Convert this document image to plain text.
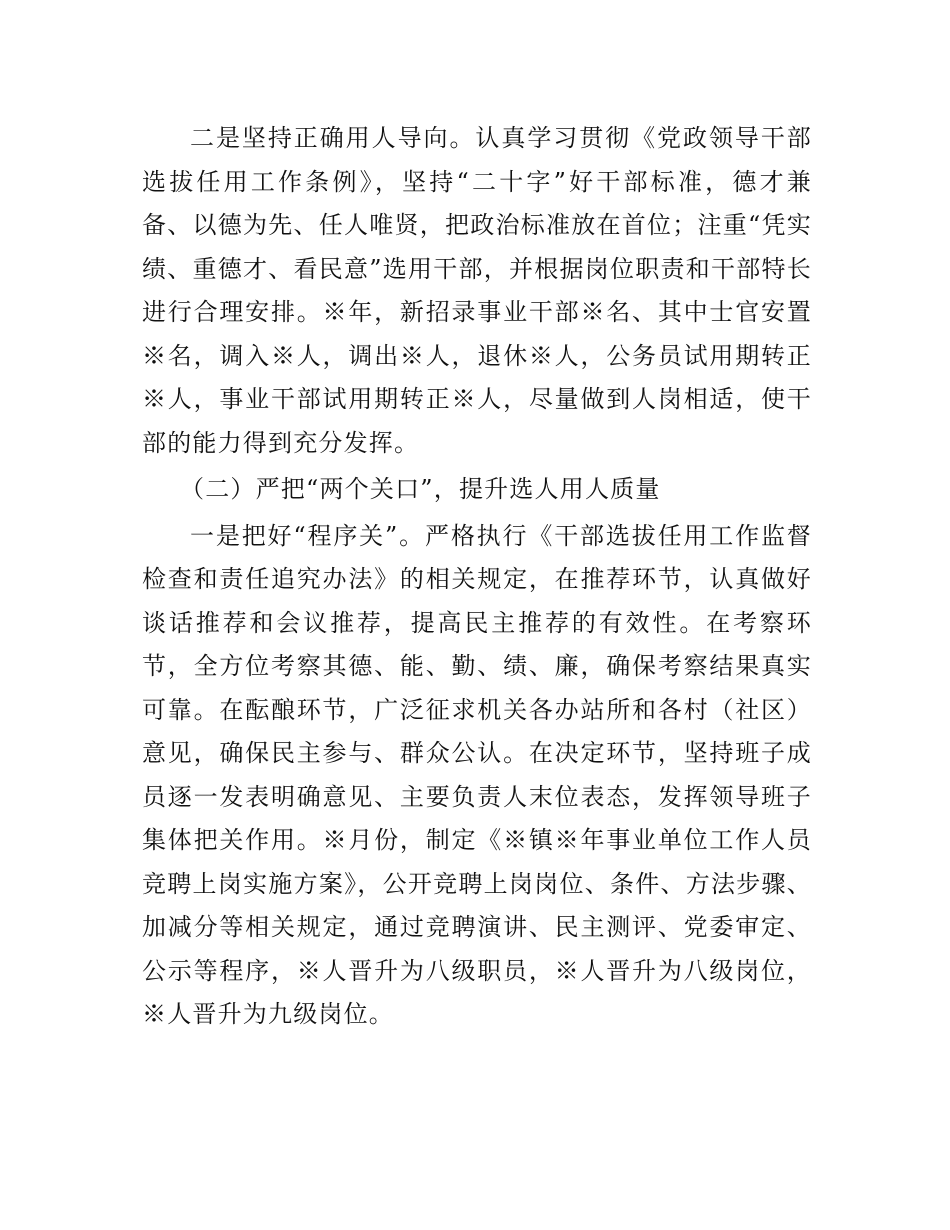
二是坚持正确用人导向。认真学习贯彻《党政领导干部选拔任用工作条例》，坚持“二十字”好干部标准，德才兼备、以德为先、任人唯贤，把政治标准放在首位；注重“凭实绩、重德才、看民意”选用干部，并根据岗位职责和干部特长进行合理安排。※年，新招录事业干部※名、其中士官安置※名，调入※人，调出※人，退休※人，公务员试用期转正※人，事业干部试用期转正※人，尽量做到人岗相适，使干部的能力得到充分发挥。

（二）严把“两个关口”，提升选人用人质量

一是把好“程序关”。严格执行《干部选拔任用工作监督检查和责任追究办法》的相关规定，在推荐环节，认真做好谈话推荐和会议推荐，提高民主推荐的有效性。在考察环节，全方位考察其德、能、勤、绩、廉，确保考察结果真实可靠。在酝酿环节，广泛征求机关各办站所和各村（社区）意见，确保民主参与、群众公认。在决定环节，坚持班子成员逐一发表明确意见、主要负责人末位表态，发挥领导班子集体把关作用。※月份，制定《※镇※年事业单位工作人员竞聘上岗实施方案》，公开竞聘上岗岗位、条件、方法步骤、加减分等相关规定，通过竞聘演讲、民主测评、党委审定、公示等程序，※人晋升为八级职员，※人晋升为八级岗位，※人晋升为九级岗位。
